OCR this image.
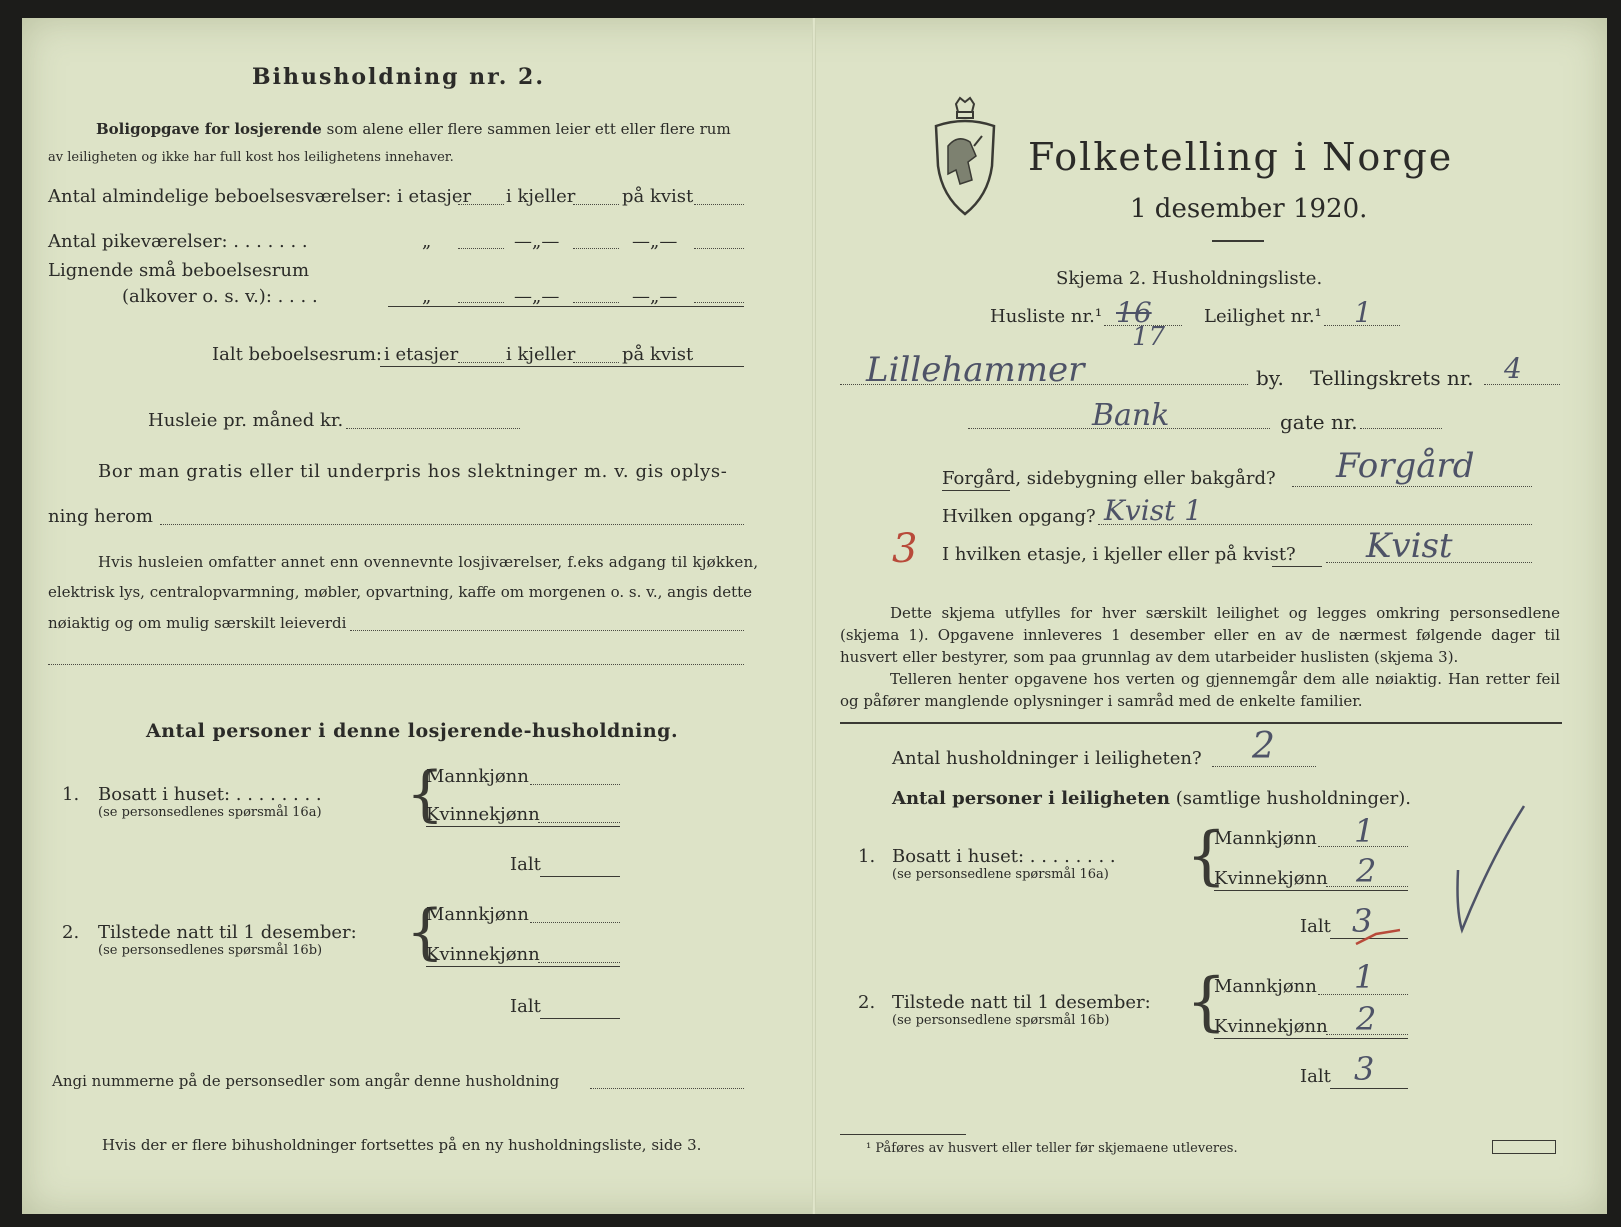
Bihusholdning nr. 2.
Boligopgave for losjerende som alene eller flere sammen leier ett eller flere rum
av leiligheten og ikke har full kost hos leilighetens innehaver.
Antal almindelige beboelsesværelser: i etasjer i kjeller	på kvist
Antal pikeværelser: . . . . . . .	„	—„—	—„—
Lignende små beboelsesrum
(alkover o. s. v.): . . . .	„	—„—	—„—
Ialt beboelsesrum: i etasjer	i kjeller	på kvist
Husleie pr. måned kr.
Bor man gratis eller til underpris hos slektninger m. v. gis oplys-
ning herom
Hvis husleien omfatter annet enn ovennevnte losjiværelser, f.eks adgang til kjøkken,
elektrisk lys, centralopvarmning, møbler, opvartning, kaffe om morgenen o. s. v., angis dette
nøiaktig og om mulig særskilt leieverdi
Antal personer i denne losjerende-husholdning.
1. Bosatt i huset: . . . . . . . .
(se personsedlenes spørsmål 16a) {
Mannkjønn
Kvinnekjønn
Ialt
2. Tilstede natt til 1 desember:
(se personsedlenes spørsmål 16b) {
Mannkjønn
Kvinnekjønn
Ialt
Angi nummerne på de personsedler som angår denne husholdning
Hvis der er flere bihusholdninger fortsettes på en ny husholdningsliste, side 3.
Folketelling i Norge
1 desember 1920.
Skjema 2. Husholdningsliste.
Husliste nr.¹ 16
17
Leilighet nr.¹ 1
Lillehammer	by. Tellingskrets nr. 4
Bank	gate nr.
Forgård, sidebygning eller bakgård? Forgård
Hvilken opgang? Kvist 1
3 I hvilken etasje, i kjeller eller på kvist? Kvist
Dette skjema utfylles for hver særskilt leilighet og legges omkring personsedlene (skjema 1). Opgavene innleveres 1 desember eller en av de nærmest følgende dager til husvert eller bestyrer, som paa grunnlag av dem utarbeider huslisten (skjema 3).
Telleren henter opgavene hos verten og gjennemgår dem alle nøiaktig. Han retter feil og påfører manglende oplysninger i samråd med de enkelte familier.
Antal husholdninger i leiligheten? 2
Antal personer i leiligheten (samtlige husholdninger).
1. Bosatt i huset: . . . . . . . .
(se personsedlene spørsmål 16a) {
Mannkjønn 1
Kvinnekjønn 2
Ialt 3
2. Tilstede natt til 1 desember:
(se personsedlene spørsmål 16b) {
Mannkjønn 1
Kvinnekjønn 2
Ialt 3
¹ Påføres av husvert eller teller før skjemaene utleveres.
